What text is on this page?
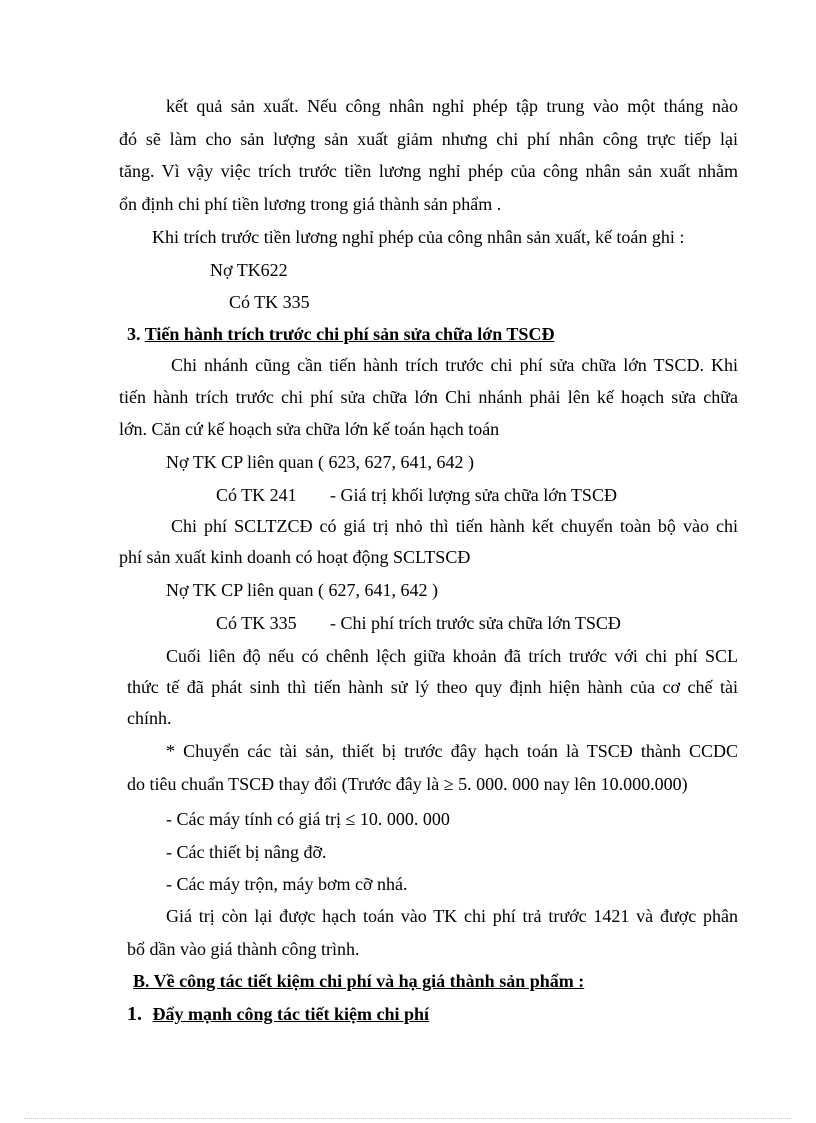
kết quả sản xuất. Nếu công nhân nghỉ phép tập trung vào một tháng nào
đó sẽ làm cho sản lượng sản xuất giảm nhưng chi phí nhân công trực tiếp lại
tăng. Vì vậy việc trích trước tiền lương nghỉ phép của công nhân sản xuất nhằm
ổn định chi phí tiền lương trong giá thành sản phẩm .
Khi trích trước tiền lương nghỉ phép của công nhân sản xuất, kế toán ghi :
Nợ TK622
Có TK 335
3. Tiến hành trích trước chi phí sản sửa chữa lớn TSCĐ
Chi nhánh cũng cần tiến hành trích trước chi phí sửa chữa lớn TSCD. Khi
tiến hành trích trước chi phí sửa chữa lớn Chi nhánh phải lên kế hoạch sửa chữa
lớn. Căn cứ kế hoạch sửa chữa lớn kế toán hạch toán
Nợ TK CP liên quan ( 623, 627, 641, 642 )
Có TK 241 - Giá trị khối lượng sửa chữa lớn TSCĐ
Chi phí SCLTZCĐ có giá trị nhỏ thì tiến hành kết chuyển toàn bộ vào chi
phí sản xuất kinh doanh có hoạt động SCLTSCĐ
Nợ TK CP liên quan ( 627, 641, 642 )
Có TK 335 - Chi phí trích trước sửa chữa lớn TSCĐ
Cuối liên độ nếu có chênh lệch giữa khoản đã trích trước với chi phí SCL
thức tế đã phát sinh thì tiến hành sử lý theo quy định hiện hành của cơ chế tài
chính.
* Chuyển các tài sản, thiết bị trước đây hạch toán là TSCĐ thành CCDC
do tiêu chuẩn TSCĐ thay đổi (Trước đây là ≥ 5. 000. 000 nay lên 10.000.000)
- Các máy tính có giá trị ≤ 10. 000. 000
- Các thiết bị nâng đỡ.
- Các máy trộn, máy bơm cỡ nhá.
Giá trị còn lại được hạch toán vào TK chi phí trả trước 1421 và được phân
bổ dần vào giá thành công trình.
B. Về công tác tiết kiệm chi phí và hạ giá thành sản phẩm :
1. Đẩy mạnh công tác tiết kiệm chi phí
